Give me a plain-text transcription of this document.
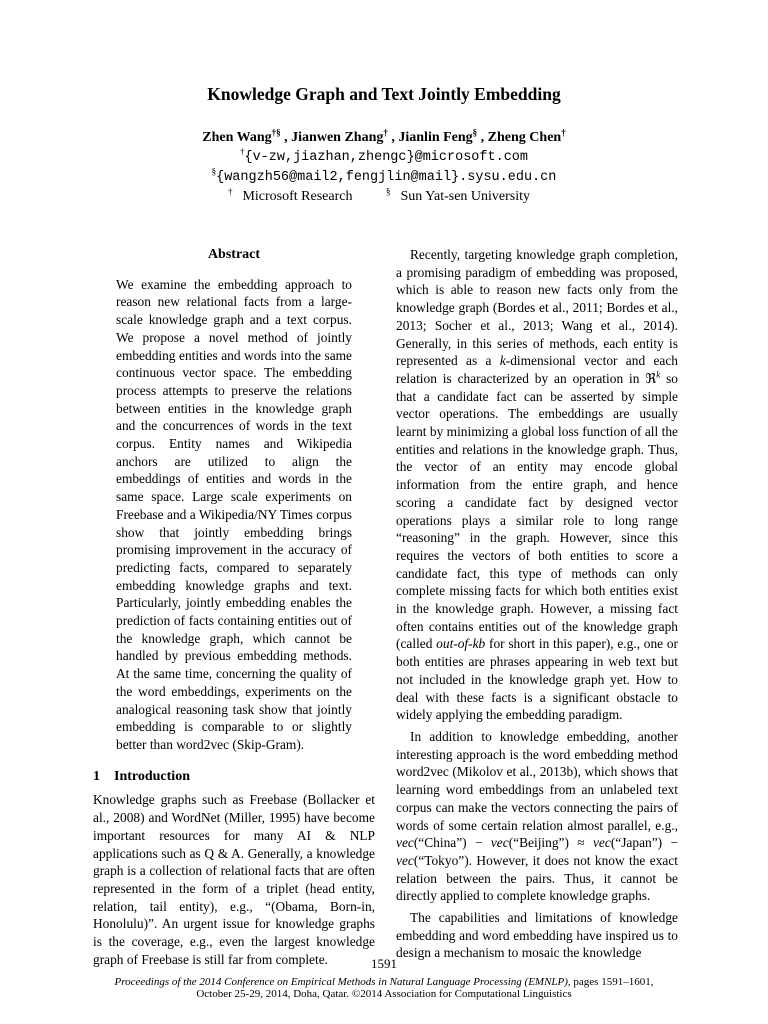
Knowledge Graph and Text Jointly Embedding
Zhen Wang†§ , Jianwen Zhang† , Jianlin Feng§ , Zheng Chen†
†{v-zw,jiazhan,zhengc}@microsoft.com
§{wangzh56@mail2,fengjlin@mail}.sysu.edu.cn
† Microsoft Research	§ Sun Yat-sen University
Abstract

We examine the embedding approach to reason new relational facts from a large-scale knowledge graph and a text corpus. We propose a novel method of jointly embedding entities and words into the same continuous vector space. The embedding process attempts to preserve the relations between entities in the knowledge graph and the concurrences of words in the text corpus. Entity names and Wikipedia anchors are utilized to align the embeddings of entities and words in the same space. Large scale experiments on Freebase and a Wikipedia/NY Times corpus show that jointly embedding brings promising improvement in the accuracy of predicting facts, compared to separately embedding knowledge graphs and text. Particularly, jointly embedding enables the prediction of facts containing entities out of the knowledge graph, which cannot be handled by previous embedding methods. At the same time, concerning the quality of the word embeddings, experiments on the analogical reasoning task show that jointly embedding is comparable to or slightly better than word2vec (Skip-Gram).

1 Introduction

Knowledge graphs such as Freebase (Bollacker et al., 2008) and WordNet (Miller, 1995) have become important resources for many AI & NLP applications such as Q & A. Generally, a knowledge graph is a collection of relational facts that are often represented in the form of a triplet (head entity, relation, tail entity), e.g., “(Obama, Born-in, Honolulu)”. An urgent issue for knowledge graphs is the coverage, e.g., even the largest knowledge graph of Freebase is still far from complete.

Recently, targeting knowledge graph completion, a promising paradigm of embedding was proposed, which is able to reason new facts only from the knowledge graph (Bordes et al., 2011; Bordes et al., 2013; Socher et al., 2013; Wang et al., 2014). Generally, in this series of methods, each entity is represented as a k-dimensional vector and each relation is characterized by an operation in ℜ$^k$ so that a candidate fact can be asserted by simple vector operations. The embeddings are usually learnt by minimizing a global loss function of all the entities and relations in the knowledge graph. Thus, the vector of an entity may encode global information from the entire graph, and hence scoring a candidate fact by designed vector operations plays a similar role to long range “reasoning” in the graph. However, since this requires the vectors of both entities to score a candidate fact, this type of methods can only complete missing facts for which both entities exist in the knowledge graph. However, a missing fact often contains entities out of the knowledge graph (called out-of-kb for short in this paper), e.g., one or both entities are phrases appearing in web text but not included in the knowledge graph yet. How to deal with these facts is a significant obstacle to widely applying the embedding paradigm.

In addition to knowledge embedding, another interesting approach is the word embedding method word2vec (Mikolov et al., 2013b), which shows that learning word embeddings from an unlabeled text corpus can make the vectors connecting the pairs of words of some certain relation almost parallel, e.g., vec(“China”) − vec(“Beijing”) ≈ vec(“Japan”) − vec(“Tokyo”). However, it does not know the exact relation between the pairs. Thus, it cannot be directly applied to complete knowledge graphs.

The capabilities and limitations of knowledge embedding and word embedding have inspired us to design a mechanism to mosaic the knowledge

1591
Proceedings of the 2014 Conference on Empirical Methods in Natural Language Processing (EMNLP), pages 1591–1601,
October 25-29, 2014, Doha, Qatar. ©2014 Association for Computational Linguistics
